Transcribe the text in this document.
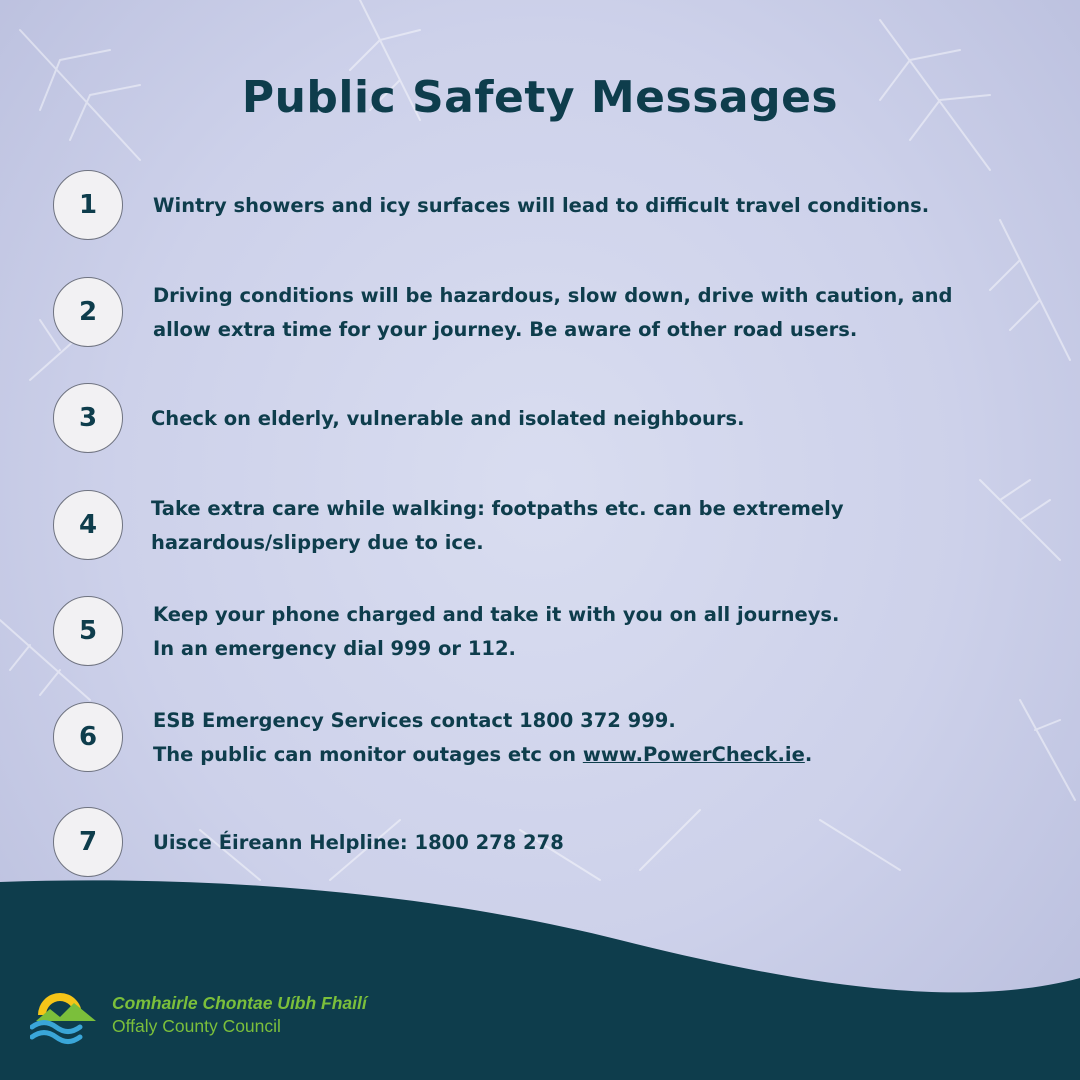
Public Safety Messages
1	Wintry showers and icy surfaces will lead to difficult travel conditions.
2
Driving conditions will be hazardous, slow down, drive with caution, and
allow extra time for your journey. Be aware of other road users.
3	Check on elderly, vulnerable and isolated neighbours.
4
Take extra care while walking: footpaths etc. can be extremely
hazardous/slippery due to ice.
5
Keep your phone charged and take it with you on all journeys.
In an emergency dial 999 or 112.
6
ESB Emergency Services contact 1800 372 999.
The public can monitor outages etc on www.PowerCheck.ie.
7	Uisce Éireann Helpline: 1800 278 278
Comhairle Chontae Uíbh Fhailí
Offaly County Council
